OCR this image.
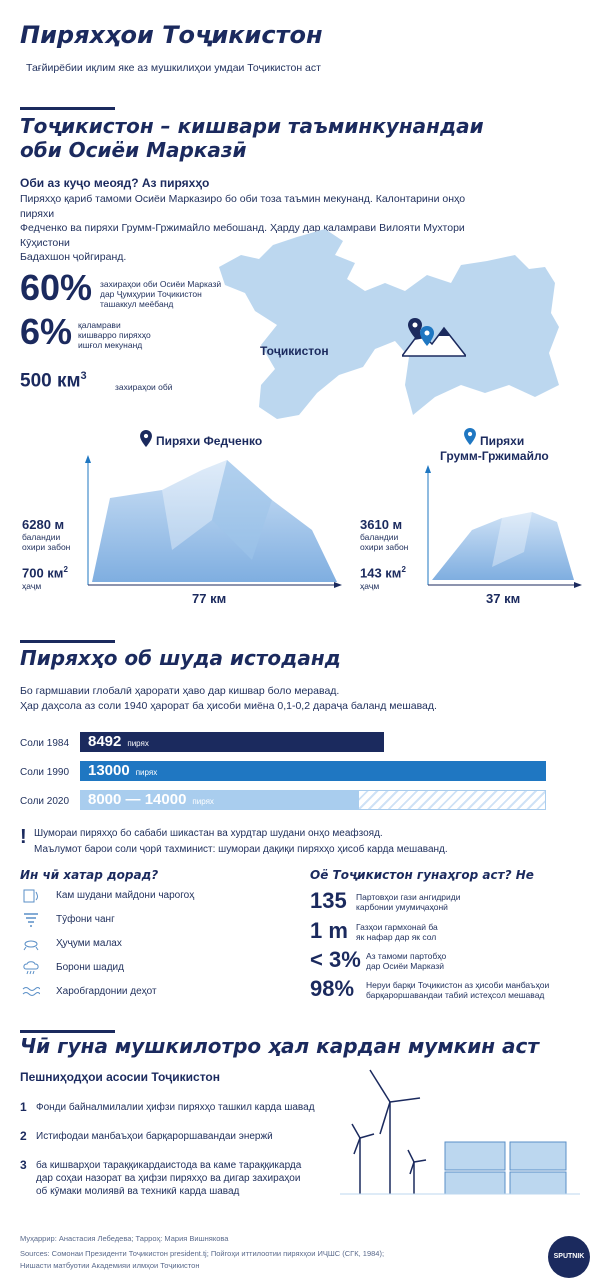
Пиряхҳои Тоҷикистон
Тағйирёбии иқлим яке аз мушкилиҳои умдаи Тоҷикистон аст
Тоҷикистон – кишвари таъминкунандаи
оби Осиёи Марказӣ
Оби аз куҷо меояд? Аз пиряхҳо
Пиряхҳо қариб тамоми Осиёи Марказиро бо оби тоза таъмин мекунанд. Калонтарини онҳо пиряхи
Федченко ва пиряхи Грумм-Гржимайло мебошанд. Ҳарду дар қаламрави Вилояти Мухтори Кӯҳистони
Бадахшон ҷойгиранд.
Тоҷикистон
60% захираҳои оби Осиёи Марказӣ
дар Ҷумҳурии Тоҷикистон
ташаккул меёбанд
6% қаламрави
кишварро пиряхҳо
ишғол мекунанд
500 $км^3$
захираҳои обӣ
Пиряхи Федченко
6280 м
баландии
охири забон
700 $км^2$
ҳаҷм
77 км
Пиряхи
Грумм-Гржимайло
3610 м
баландии
охири забон
143 $км^2$
ҳаҷм
37 км
Пиряхҳо об шуда истоданд
Бо гармшавии глобалӣ ҳарорати ҳаво дар кишвар боло меравад.
Ҳар даҳсола аз соли 1940 ҳарорат ба ҳисоби миёна 0,1-0,2 дараҷа баланд мешавад.
Соли 1984	8492 пирях
Соли 1990	13000 пирях
Соли 2020	8000 — 14000 пирях
! Шумораи пиряхҳо бо сабаби шикастан ва хурдтар шудани онҳо меафзояд.
Маълумот барои соли ҷорӣ тахминист: шумораи дақиқи пиряхҳо ҳисоб карда мешаванд.
Ин чӣ хатар дорад?
Кам шудани майдони чарогоҳ
Тӯфони чанг
Ҳуҷуми малах
Борони шадид
Харобгардонии деҳот
Оё Тоҷикистон гунаҳгор аст? Не
135 Партовҳои гази ангидриди
карбонии умумиҷаҳонӣ
1 m Газҳои гармхонаӣ ба
як нафар дар як сол
< 3% Аз тамоми партобҳо
дар Осиёи Марказӣ
98% Неруи барқи Тоҷикистон аз ҳисоби манбаъҳои
барқароршавандаи табиӣ истеҳсол мешавад
Чӣ гуна мушкилотро ҳал кардан мумкин аст
Пешниҳодҳои асосии Тоҷикистон
1 Фонди байналмилалии ҳифзи пиряхҳо ташкил карда шавад
2 Истифодаи манбаъҳои барқароршавандаи энержӣ
3 ба кишварҳои тараққикардаистода ва каме тараққикарда
дар соҳаи назорат ва ҳифзи пиряхҳо ва дигар захираҳои
об кӯмаки молиявӣ ва техникӣ карда шавад
Муҳаррир: Анастасия Лебедева; Тарроҳ: Мария Вишнякова
Sources: Сомонаи Президенти Тоҷикистон president.tj; Пойгоҳи иттилоотии пиряхҳои ИҶШС (СГК, 1984);
Нишасти матбуотии Академияи илмҳои Тоҷикистон
SPUTNIK
